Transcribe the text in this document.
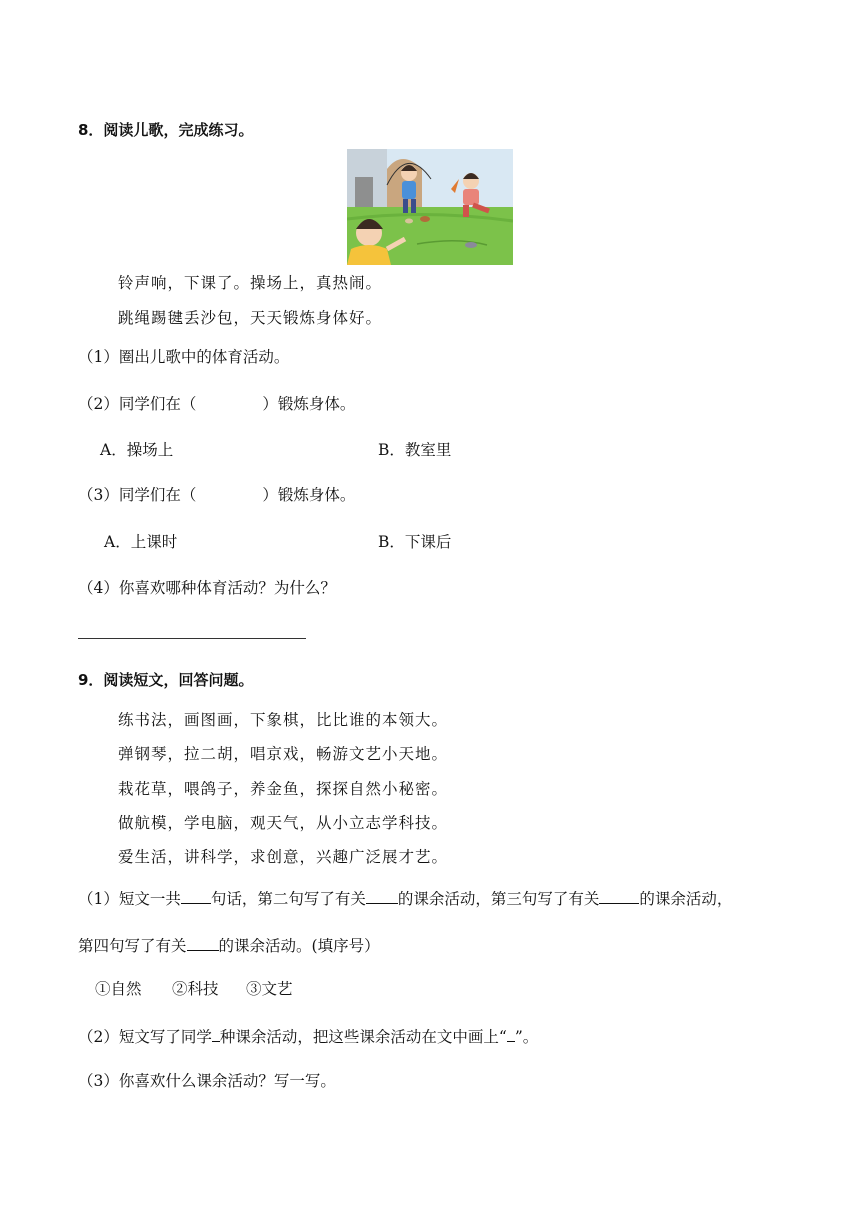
8．阅读儿歌，完成练习。
铃声响，下课了。操场上，真热闹。
跳绳踢毽丢沙包，天天锻炼身体好。
（1）圈出儿歌中的体育活动。
（2）同学们在（	）锻炼身体。
A．操场上	B．教室里
（3）同学们在（	）锻炼身体。
A．上课时	B．下课后
（4）你喜欢哪种体育活动？为什么？
9．阅读短文，回答问题。
练书法，画图画，下象棋，比比谁的本领大。
弹钢琴，拉二胡，唱京戏，畅游文艺小天地。
栽花草，喂鸽子，养金鱼，探探自然小秘密。
做航模，学电脑，观天气，从小立志学科技。
爱生活，讲科学，求创意，兴趣广泛展才艺。
（1）短文一共 句话，第二句写了有关 的课余活动，第三句写了有关	的课余活动，
第四句写了有关 的课余活动。(填序号）
①自然 ②科技 ③文艺
（2）短文写了同学 种课余活动，把这些课余活动在文中画上“ ”。
（3）你喜欢什么课余活动？写一写。
